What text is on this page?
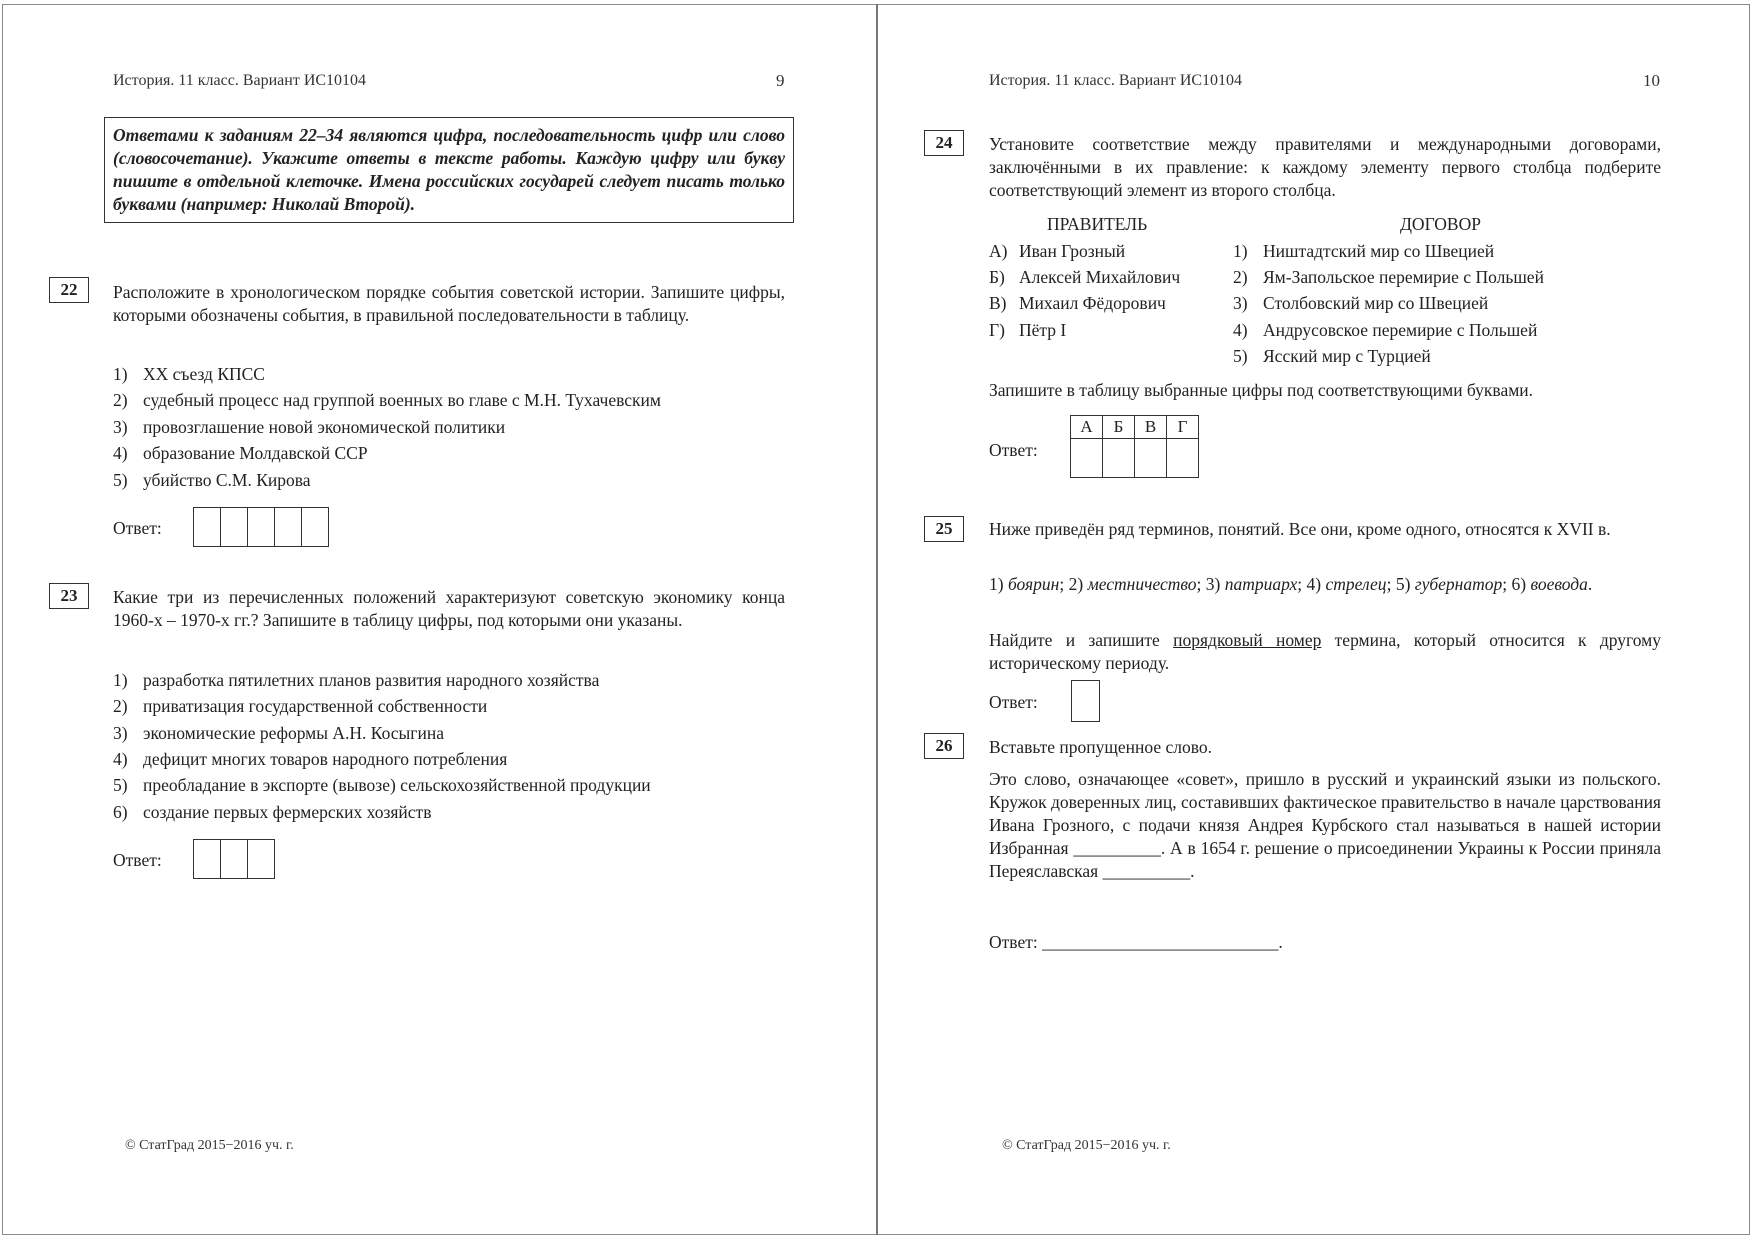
История. 11 класс. Вариант ИС10104	9
Ответами к заданиям 22–34 являются цифра, последовательность цифр или слово (словосочетание). Укажите ответы в тексте работы. Каждую цифру или букву пишите в отдельной клеточке. Имена российских государей следует писать только буквами (например: Николай Второй).
22	Расположите в хронологическом порядке события советской истории. Запишите цифры, которыми обозначены события, в правильной последовательности в таблицу.
1) XX съезд КПСС
2) судебный процесс над группой военных во главе с М.Н. Тухачевским
3) провозглашение новой экономической политики
4) образование Молдавской ССР
5) убийство С.М. Кирова
Ответ:
23	Какие три из перечисленных положений характеризуют советскую экономику конца 1960-х – 1970-х гг.? Запишите в таблицу цифры, под которыми они указаны.
1) разработка пятилетних планов развития народного хозяйства
2) приватизация государственной собственности
3) экономические реформы А.Н. Косыгина
4) дефицит многих товаров народного потребления
5) преобладание в экспорте (вывозе) сельскохозяйственной продукции
6) создание первых фермерских хозяйств
Ответ:
© СтатГрад 2015−2016 уч. г.
История. 11 класс. Вариант ИС10104	10
24	Установите соответствие между правителями и международными договорами, заключёнными в их правление: к каждому элементу первого столбца подберите соответствующий элемент из второго столбца.
ПРАВИТЕЛЬ	ДОГОВОР
А) Иван Грозный
Б) Алексей Михайлович
В) Михаил Фёдорович
Г) Пётр I
1) Ништадтский мир со Швецией
2) Ям-Запольское перемирие с Польшей
3) Столбовский мир со Швецией
4) Андрусовское перемирие с Польшей
5) Ясский мир с Турцией
Запишите в таблицу выбранные цифры под соответствующими буквами.
Ответ:
А	Б	В	Г

25	Ниже приведён ряд терминов, понятий. Все они, кроме одного, относятся к XVII в.
1) боярин; 2) местничество; 3) патриарх; 4) стрелец; 5) губернатор; 6) воевода.
Найдите и запишите порядковый номер термина, который относится к другому историческому периоду.
Ответ:
26	Вставьте пропущенное слово.
Это слово, означающее «совет», пришло в русский и украинский языки из польского. Кружок доверенных лиц, составивших фактическое правительство в начале царствования Ивана Грозного, с подачи князя Андрея Курбского стал называться в нашей истории Избранная __________. А в 1654 г. решение о присоединении Украины к России приняла Переяславская __________.
Ответ: ___________________________.
© СтатГрад 2015−2016 уч. г.
